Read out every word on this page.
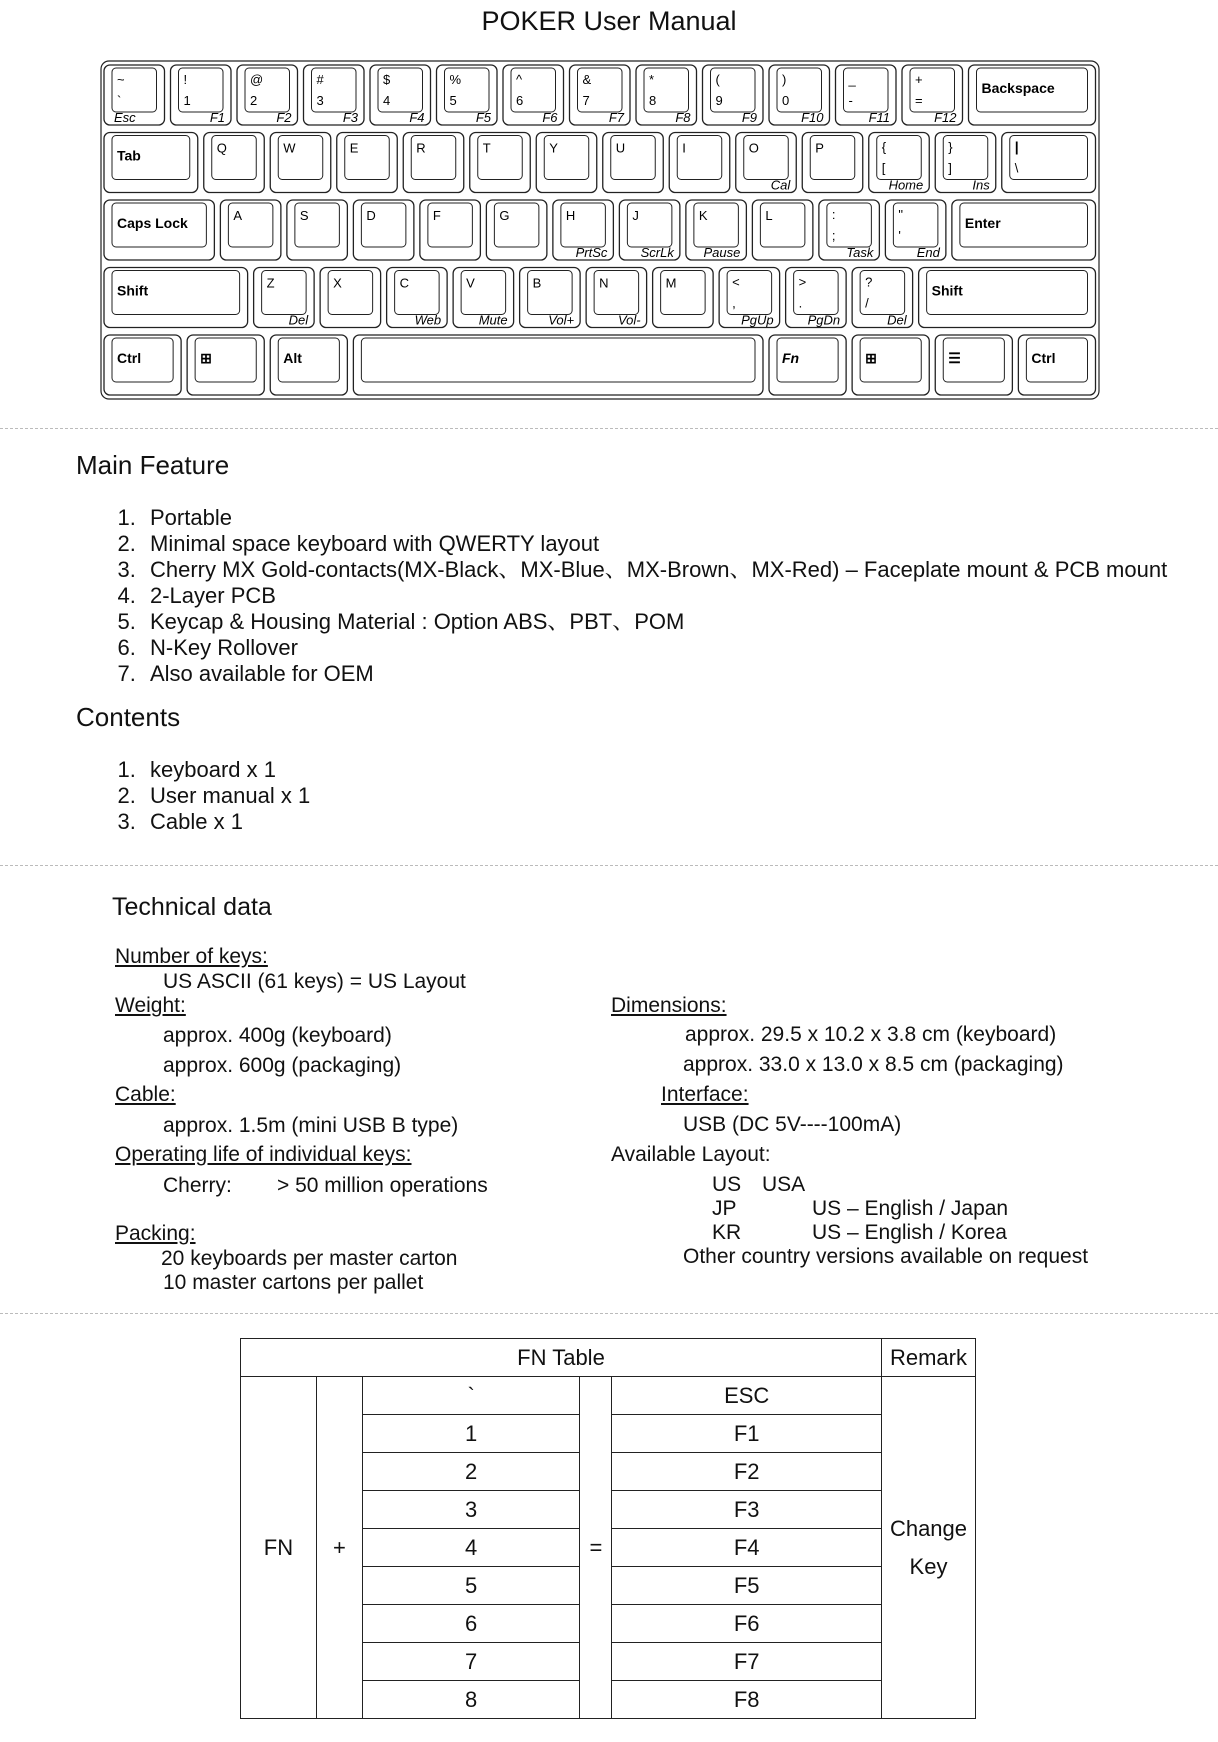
POKER User Manual
~
`
Esc
!
1
F1
@
2
F2
#
3
F3
$
4
F4
%
5
F5
^
6
F6
&
7
F7
*
8
F8
(
9
F9
)
0
F10
_
-
F11
+
=
F12
Backspace
Tab	Q	W	E	R	T	Y	U	I	O
Cal
P	{
[
Home
}
]
Ins
|
\
Caps Lock	A	S	D	F	G	H
PrtSc
J
ScrLk
K
Pause
L	:
;
Task
"
'
End
Enter
Shift	Z
Del
X	C
Web
V
Mute
B
Vol+
N
Vol-
M	<
,
PgUp
>
.
PgDn
?
/
Del
Shift
Ctrl	⊞	Alt	Fn	⊞	☰	Ctrl
Main Feature
1. Portable
2. Minimal space keyboard with QWERTY layout
3. Cherry MX Gold-contacts(MX-Black、MX-Blue、MX-Brown、MX-Red) – Faceplate mount & PCB mount
4. 2-Layer PCB
5. Keycap & Housing Material : Option ABS、PBT、POM
6. N-Key Rollover
7. Also available for OEM
Contents
1. keyboard x 1
2. User manual x 1
3. Cable x 1
Technical data
Number of keys:
US ASCII (61 keys) = US Layout
Weight:
approx. 400g (keyboard)
approx. 600g (packaging)
Cable:
approx. 1.5m (mini USB B type)
Operating life of individual keys:
Cherry: > 50 million operations
Packing:
20 keyboards per master carton
10 master cartons per pallet
Dimensions:
approx. 29.5 x 10.2 x 3.8 cm (keyboard)
approx. 33.0 x 13.0 x 8.5 cm (packaging)
Interface:
USB (DC 5V----100mA)
Available Layout:
US USA
JP	US – English / Japan
KR	US – English / Korea
Other country versions available on request
FN Table					Remark
FN	+	`	=	ESC	Change
Key

		1		F1	
		2		F2	
		3		F3	
		4		F4	
		5		F5	
		6		F6	
		7		F7	
		8		F8	
